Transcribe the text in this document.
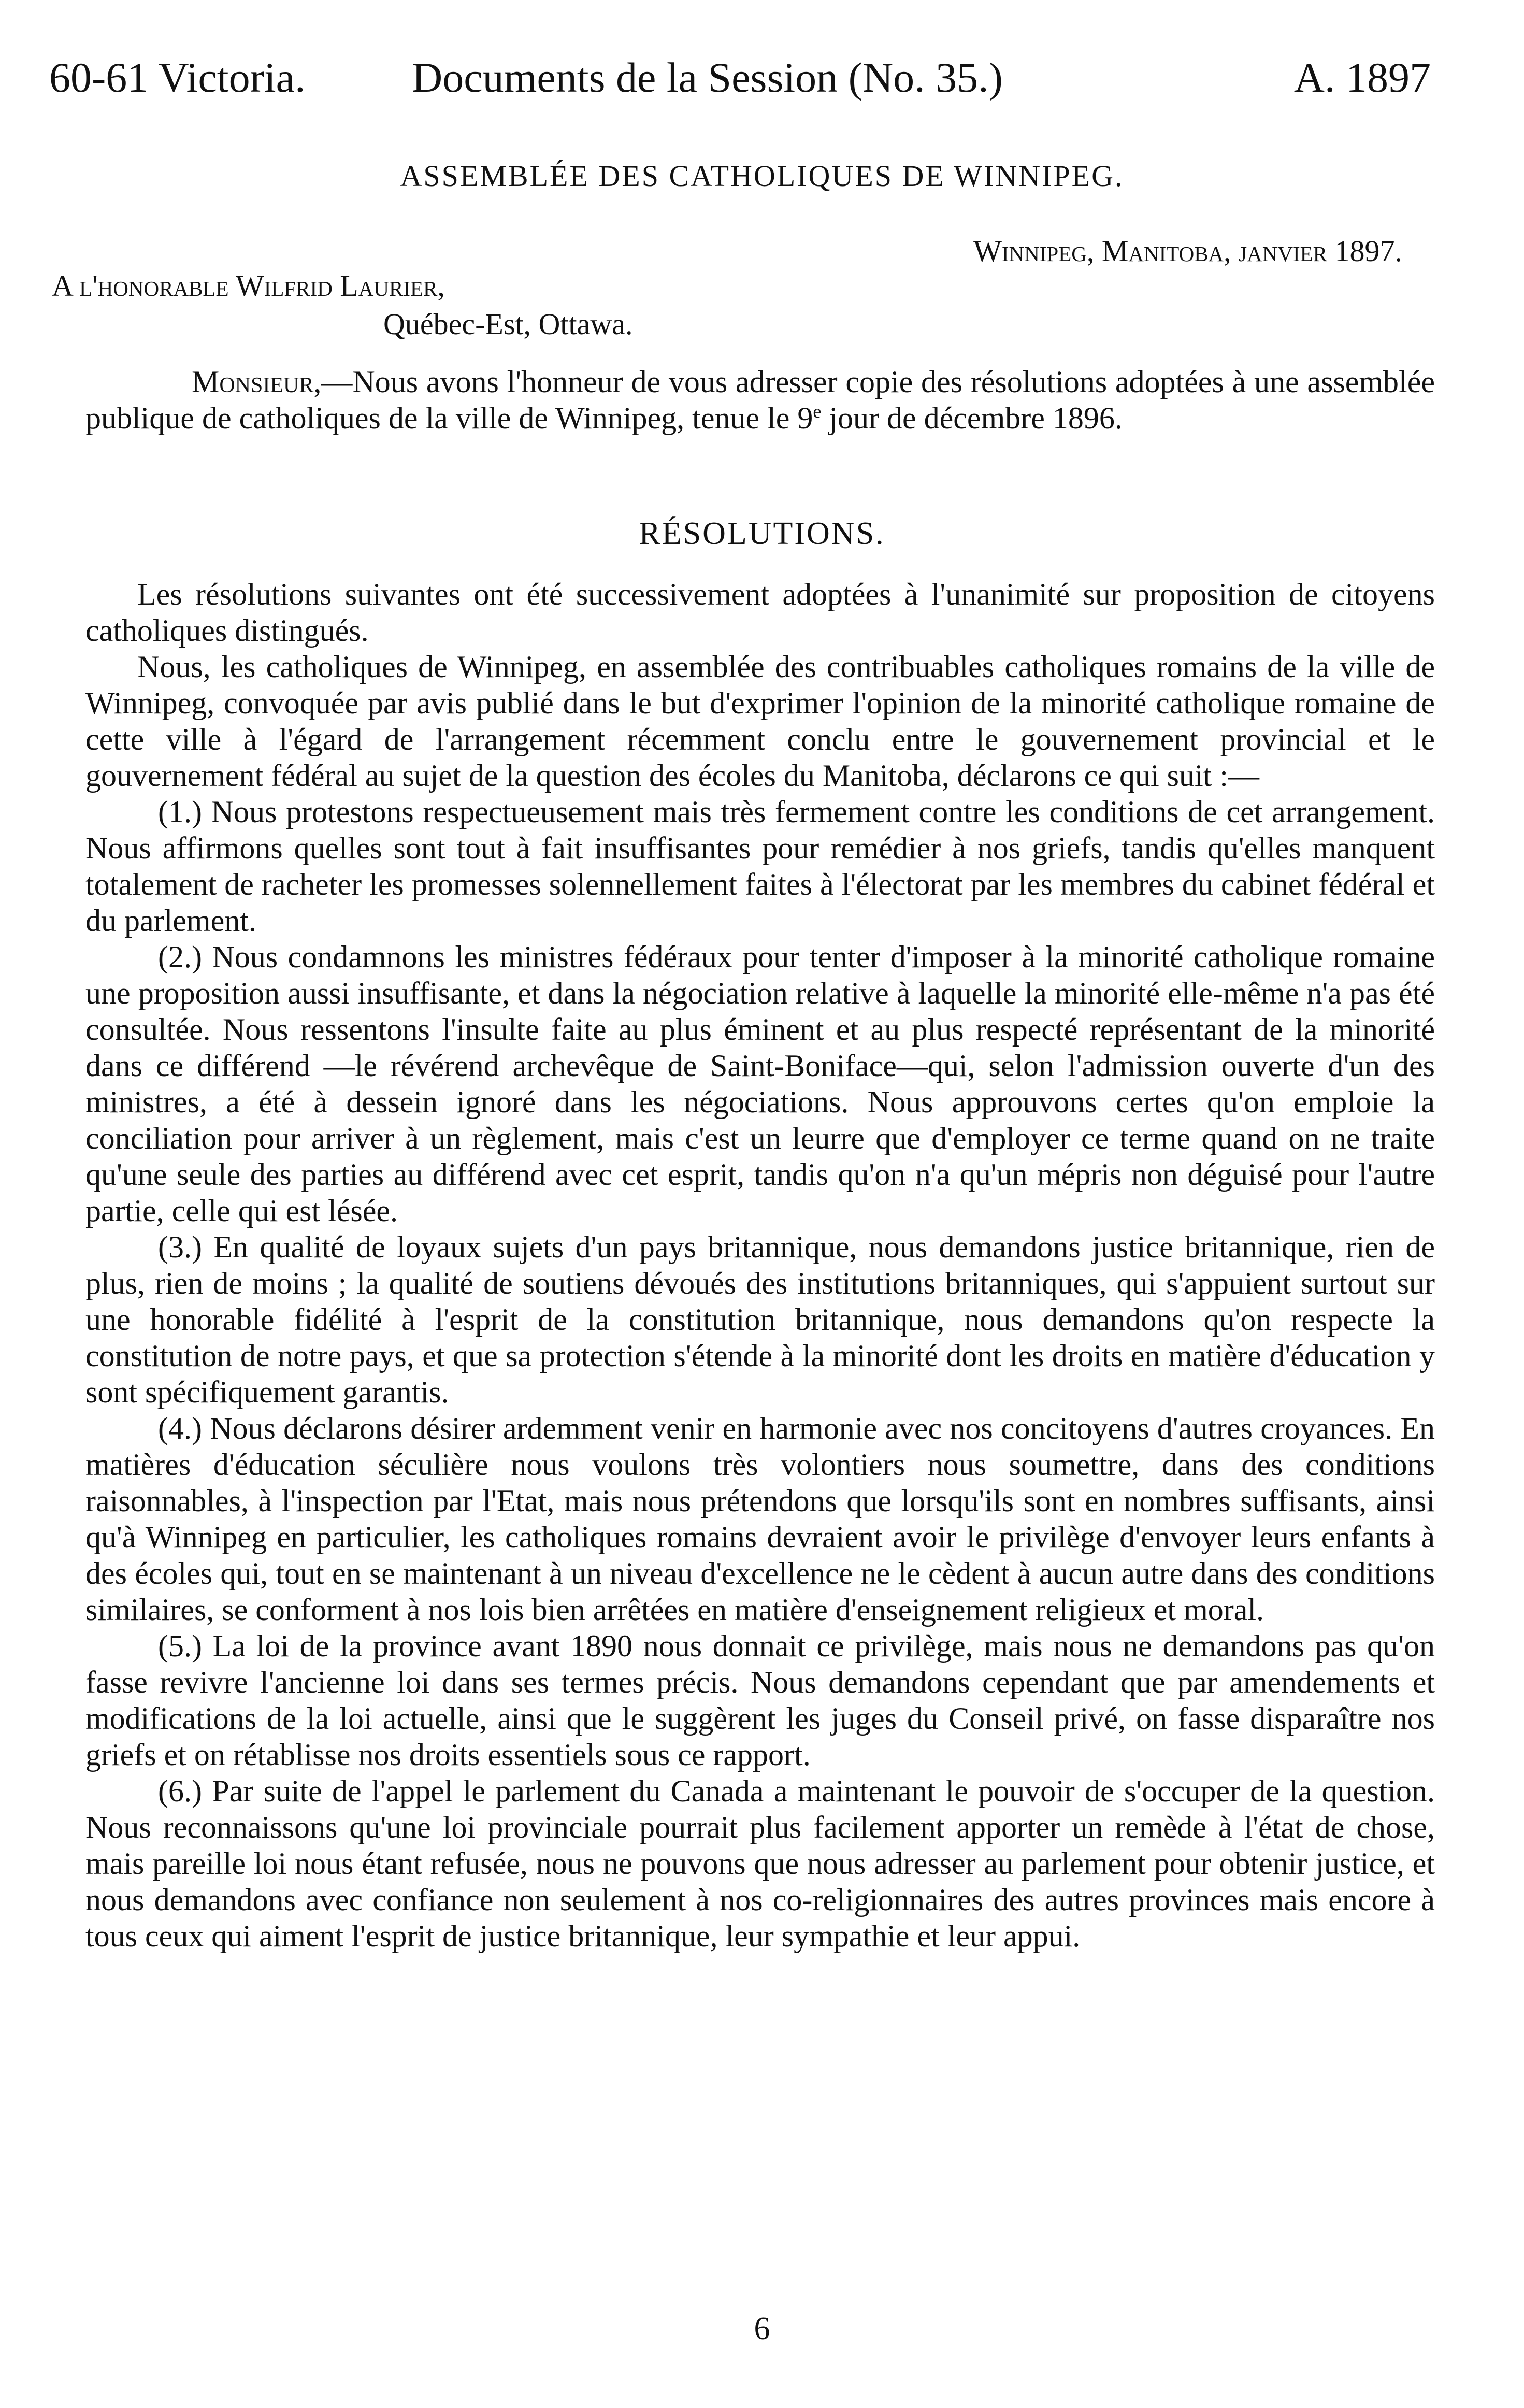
60-61 Victoria.	Documents de la Session (No. 35.)	A. 1897
ASSEMBLÉE DES CATHOLIQUES DE WINNIPEG.
Winnipeg, Manitoba, janvier 1897.
A l'honorable Wilfrid Laurier,
Québec-Est, Ottawa.

Monsieur,—Nous avons l'honneur de vous adresser copie des résolutions adoptées à une assemblée publique de catholiques de la ville de Winnipeg, tenue le 9e jour de décembre 1896.

RÉSOLUTIONS.

Les résolutions suivantes ont été successivement adoptées à l'unanimité sur proposition de citoyens catholiques distingués.

Nous, les catholiques de Winnipeg, en assemblée des contribuables catholiques romains de la ville de Winnipeg, convoquée par avis publié dans le but d'exprimer l'opinion de la minorité catholique romaine de cette ville à l'égard de l'arrangement récemment conclu entre le gouvernement provincial et le gouvernement fédéral au sujet de la question des écoles du Manitoba, déclarons ce qui suit :—

(1.) Nous protestons respectueusement mais très fermement contre les conditions de cet arrangement. Nous affirmons quelles sont tout à fait insuffisantes pour remédier à nos griefs, tandis qu'elles manquent totalement de racheter les promesses solennellement faites à l'électorat par les membres du cabinet fédéral et du parlement.

(2.) Nous condamnons les ministres fédéraux pour tenter d'imposer à la minorité catholique romaine une proposition aussi insuffisante, et dans la négociation relative à laquelle la minorité elle-même n'a pas été consultée. Nous ressentons l'insulte faite au plus éminent et au plus respecté représentant de la minorité dans ce différend —le révérend archevêque de Saint-Boniface—qui, selon l'admission ouverte d'un des ministres, a été à dessein ignoré dans les négociations. Nous approuvons certes qu'on emploie la conciliation pour arriver à un règlement, mais c'est un leurre que d'employer ce terme quand on ne traite qu'une seule des parties au différend avec cet esprit, tandis qu'on n'a qu'un mépris non déguisé pour l'autre partie, celle qui est lésée.

(3.) En qualité de loyaux sujets d'un pays britannique, nous demandons justice britannique, rien de plus, rien de moins ; la qualité de soutiens dévoués des institutions britanniques, qui s'appuient surtout sur une honorable fidélité à l'esprit de la constitution britannique, nous demandons qu'on respecte la constitution de notre pays, et que sa protection s'étende à la minorité dont les droits en matière d'éducation y sont spécifiquement garantis.

(4.) Nous déclarons désirer ardemment venir en harmonie avec nos concitoyens d'autres croyances. En matières d'éducation séculière nous voulons très volontiers nous soumettre, dans des conditions raisonnables, à l'inspection par l'Etat, mais nous prétendons que lorsqu'ils sont en nombres suffisants, ainsi qu'à Winnipeg en particulier, les catholiques romains devraient avoir le privilège d'envoyer leurs enfants à des écoles qui, tout en se maintenant à un niveau d'excellence ne le cèdent à aucun autre dans des conditions similaires, se conforment à nos lois bien arrêtées en matière d'enseignement religieux et moral.

(5.) La loi de la province avant 1890 nous donnait ce privilège, mais nous ne demandons pas qu'on fasse revivre l'ancienne loi dans ses termes précis. Nous demandons cependant que par amendements et modifications de la loi actuelle, ainsi que le suggèrent les juges du Conseil privé, on fasse disparaître nos griefs et on rétablisse nos droits essentiels sous ce rapport.

(6.) Par suite de l'appel le parlement du Canada a maintenant le pouvoir de s'occuper de la question. Nous reconnaissons qu'une loi provinciale pourrait plus facilement apporter un remède à l'état de chose, mais pareille loi nous étant refusée, nous ne pouvons que nous adresser au parlement pour obtenir justice, et nous demandons avec confiance non seulement à nos co-religionnaires des autres provinces mais encore à tous ceux qui aiment l'esprit de justice britannique, leur sympathie et leur appui.

6
